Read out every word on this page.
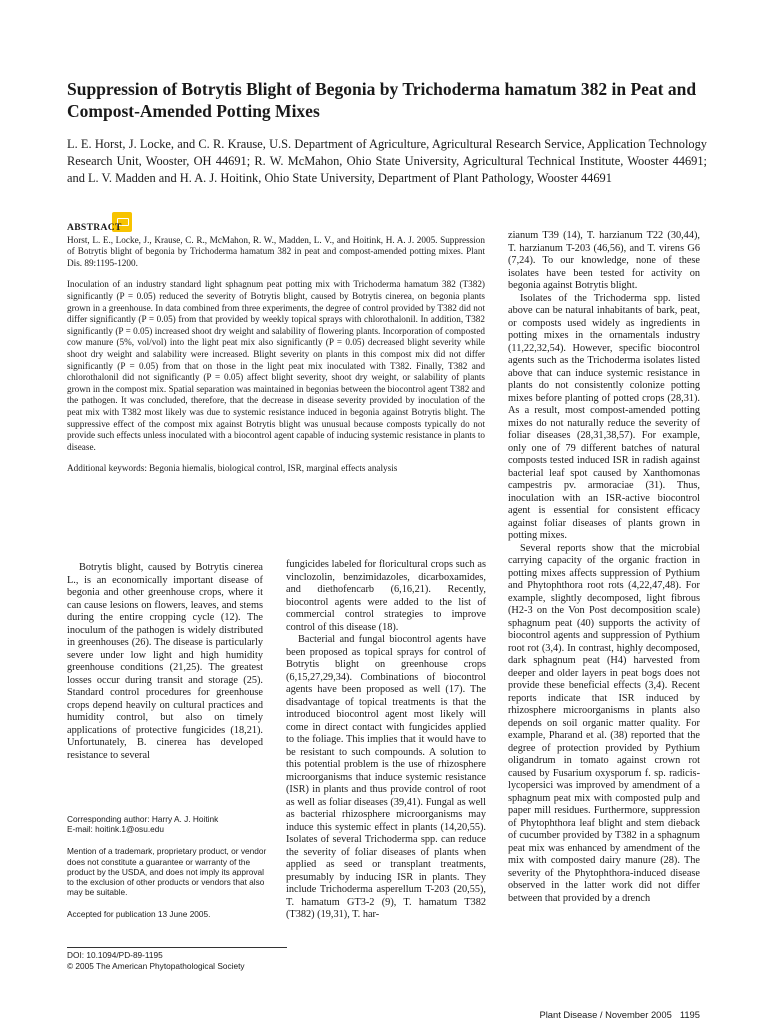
Suppression of Botrytis Blight of Begonia by Trichoderma hamatum 382 in Peat and Compost-Amended Potting Mixes

L. E. Horst, J. Locke, and C. R. Krause, U.S. Department of Agriculture, Agricultural Research Service, Application Technology Research Unit, Wooster, OH 44691; R. W. McMahon, Ohio State University, Agricultural Technical Institute, Wooster 44691; and L. V. Madden and H. A. J. Hoitink, Ohio State University, Department of Plant Pathology, Wooster 44691

ABSTRACT

Horst, L. E., Locke, J., Krause, C. R., McMahon, R. W., Madden, L. V., and Hoitink, H. A. J. 2005. Suppression of Botrytis blight of begonia by Trichoderma hamatum 382 in peat and compost-amended potting mixes. Plant Dis. 89:1195-1200.

Inoculation of an industry standard light sphagnum peat potting mix with Trichoderma hamatum 382 (T382) significantly (P = 0.05) reduced the severity of Botrytis blight, caused by Botrytis cinerea, on begonia plants grown in a greenhouse. In data combined from three experiments, the degree of control provided by T382 did not differ significantly (P = 0.05) from that provided by weekly topical sprays with chlorothalonil. In addition, T382 significantly (P = 0.05) increased shoot dry weight and salability of flowering plants. Incorporation of composted cow manure (5%, vol/vol) into the light peat mix also significantly (P = 0.05) decreased blight severity while shoot dry weight and salability were increased. Blight severity on plants in this compost mix did not differ significantly (P = 0.05) from that on those in the light peat mix inoculated with T382. Finally, T382 and chlorothalonil did not significantly (P = 0.05) affect blight severity, shoot dry weight, or salability of plants grown in the compost mix. Spatial separation was maintained in begonias between the biocontrol agent T382 and the pathogen. It was concluded, therefore, that the decrease in disease severity provided by inoculation of the peat mix with T382 most likely was due to systemic resistance induced in begonia against Botrytis blight. The suppressive effect of the compost mix against Botrytis blight was unusual because composts typically do not provide such effects unless inoculated with a biocontrol agent capable of inducing systemic resistance in plants to disease.

Additional keywords: Begonia hiemalis, biological control, ISR, marginal effects analysis

Botrytis blight, caused by Botrytis cinerea L., is an economically important disease of begonia and other greenhouse crops, where it can cause lesions on flowers, leaves, and stems during the entire cropping cycle (12). The inoculum of the pathogen is widely distributed in greenhouses (26). The disease is particularly severe under low light and high humidity greenhouse conditions (21,25). The greatest losses occur during transit and storage (25). Standard control procedures for greenhouse crops depend heavily on cultural practices and humidity control, but also on timely applications of protective fungicides (18,21). Unfortunately, B. cinerea has developed resistance to several

Corresponding author: Harry A. J. Hoitink
E-mail: hoitink.1@osu.edu

Mention of a trademark, proprietary product, or vendor does not constitute a guarantee or warranty of the product by the USDA, and does not imply its approval to the exclusion of other products or vendors that also may be suitable.

Accepted for publication 13 June 2005.

DOI: 10.1094/PD-89-1195
© 2005 The American Phytopathological Society

fungicides labeled for floricultural crops such as vinclozolin, benzimidazoles, dicarboxamides, and diethofencarb (6,16,21). Recently, biocontrol agents were added to the list of commercial control strategies to improve control of this disease (18).

Bacterial and fungal biocontrol agents have been proposed as topical sprays for control of Botrytis blight on greenhouse crops (6,15,27,29,34). Combinations of biocontrol agents have been proposed as well (17). The disadvantage of topical treatments is that the introduced biocontrol agent most likely will come in direct contact with fungicides applied to the foliage. This implies that it would have to be resistant to such compounds. A solution to this potential problem is the use of rhizosphere microorganisms that induce systemic resistance (ISR) in plants and thus provide control of root as well as foliar diseases (39,41). Fungal as well as bacterial rhizosphere microorganisms may induce this systemic effect in plants (14,20,55). Isolates of several Trichoderma spp. can reduce the severity of foliar diseases of plants when applied as seed or transplant treatments, presumably by inducing ISR in plants. They include Trichoderma asperellum T-203 (20,55), T. hamatum GT3-2 (9), T. hamatum T382 (T382) (19,31), T. har-

zianum T39 (14), T. harzianum T22 (30,44), T. harzianum T-203 (46,56), and T. virens G6 (7,24). To our knowledge, none of these isolates have been tested for activity on begonia against Botrytis blight.

Isolates of the Trichoderma spp. listed above can be natural inhabitants of bark, peat, or composts used widely as ingredients in potting mixes in the ornamentals industry (11,22,32,54). However, specific biocontrol agents such as the Trichoderma isolates listed above that can induce systemic resistance in plants do not consistently colonize potting mixes before planting of potted crops (28,31). As a result, most compost-amended potting mixes do not naturally reduce the severity of foliar diseases (28,31,38,57). For example, only one of 79 different batches of natural composts tested induced ISR in radish against bacterial leaf spot caused by Xanthomonas campestris pv. armoraciae (31). Thus, inoculation with an ISR-active biocontrol agent is essential for consistent efficacy against foliar diseases of plants grown in potting mixes.

Several reports show that the microbial carrying capacity of the organic fraction in potting mixes affects suppression of Pythium and Phytophthora root rots (4,22,47,48). For example, slightly decomposed, light fibrous (H2-3 on the Von Post decomposition scale) sphagnum peat (40) supports the activity of biocontrol agents and suppression of Pythium root rot (3,4). In contrast, highly decomposed, dark sphagnum peat (H4) harvested from deeper and older layers in peat bogs does not provide these beneficial effects (3,4). Recent reports indicate that ISR induced by rhizosphere microorganisms in plants also depends on soil organic matter quality. For example, Pharand et al. (38) reported that the degree of protection provided by Pythium oligandrum in tomato against crown rot caused by Fusarium oxysporum f. sp. radicis-lycopersici was improved by amendment of a sphagnum peat mix with composted pulp and paper mill residues. Furthermore, suppression of Phytophthora leaf blight and stem dieback of cucumber provided by T382 in a sphagnum peat mix was enhanced by amendment of the mix with composted dairy manure (28). The severity of the Phytophthora-induced disease observed in the latter work did not differ between that provided by a drench

Plant Disease / November 2005 1195
